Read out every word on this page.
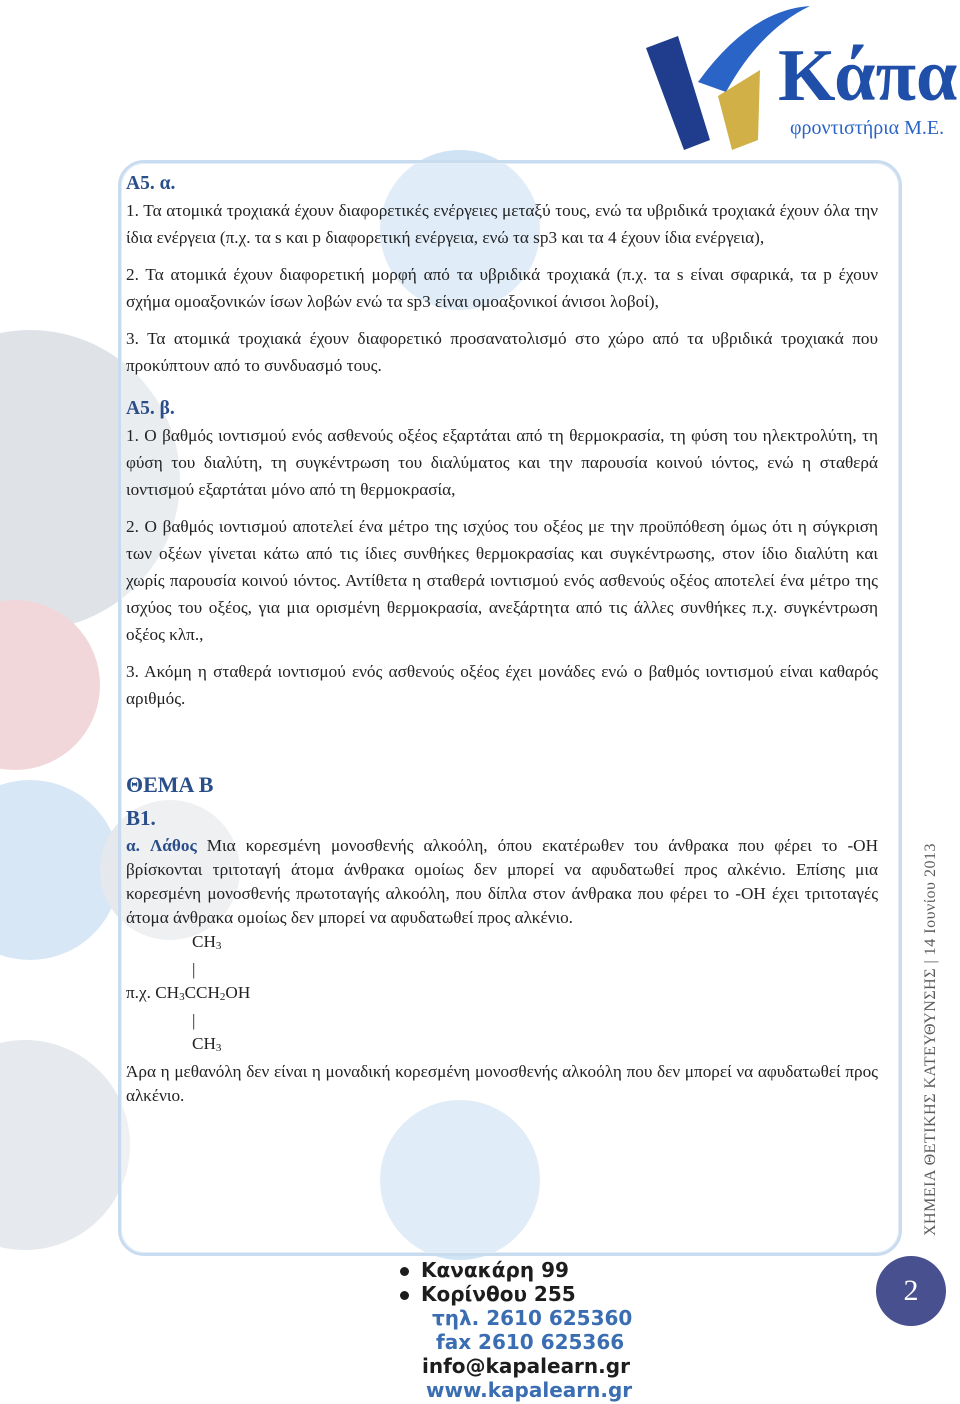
Κάπα
φροντιστήρια Μ.Ε.
Α5. α.

1. Τα ατομικά τροχιακά έχουν διαφορετικές ενέργειες μεταξύ τους, ενώ τα υβριδικά τροχιακά έχουν όλα την ίδια ενέργεια (π.χ. τα s και p διαφορετική ενέργεια, ενώ τα sp3 και τα 4 έχουν ίδια ενέργεια),

2. Τα ατομικά έχουν διαφορετική μορφή από τα υβριδικά τροχιακά (π.χ. τα s είναι σφαρικά, τα p έχουν σχήμα ομοαξονικών ίσων λοβών ενώ τα sp3 είναι ομοαξονικοί άνισοι λοβοί),

3. Τα ατομικά τροχιακά έχουν διαφορετικό προσανατολισμό στο χώρο από τα υβριδικά τροχιακά που προκύπτουν από το συνδυασμό τους.

Α5. β.

1. Ο βαθμός ιοντισμού ενός ασθενούς οξέος εξαρτάται από τη θερμοκρασία, τη φύση του ηλεκτρολύτη, τη φύση του διαλύτη, τη συγκέντρωση του διαλύματος και την παρουσία κοινού ιόντος, ενώ η σταθερά ιοντισμού εξαρτάται μόνο από τη θερμοκρασία,

2. Ο βαθμός ιοντισμού αποτελεί ένα μέτρο της ισχύος του οξέος με την προϋπόθεση όμως ότι η σύγκριση των οξέων γίνεται κάτω από τις ίδιες συνθήκες θερμοκρασίας και συγκέντρωσης, στον ίδιο διαλύτη και χωρίς παρουσία κοινού ιόντος. Αντίθετα η σταθερά ιοντισμού ενός ασθενούς οξέος αποτελεί ένα μέτρο της ισχύος του οξέος, για μια ορισμένη θερμοκρασία, ανεξάρτητα από τις άλλες συνθήκες π.χ. συγκέντρωση οξέος κλπ.,

3. Ακόμη η σταθερά ιοντισμού ενός ασθενούς οξέος έχει μονάδες ενώ ο βαθμός ιοντισμού είναι καθαρός αριθμός.

ΘΕΜΑ Β
Β1.

α. Λάθος Μια κορεσμένη μονοσθενής αλκοόλη, όπου εκατέρωθεν του άνθρακα που φέρει το -ΟΗ βρίσκονται τριτοταγή άτομα άνθρακα ομοίως δεν μπορεί να αφυδατωθεί προς αλκένιο. Επίσης μια κορεσμένη μονοσθενής πρωτοταγής αλκοόλη, που δίπλα στον άνθρακα που φέρει το -ΟΗ έχει τριτοταγές άτομα άνθρακα ομοίως δεν μπορεί να αφυδατωθεί προς αλκένιο.

$CH_3$
|
π.χ. $CH_3CCH_2OH$
|
$CH_3$

Άρα η μεθανόλη δεν είναι η μοναδική κορεσμένη μονοσθενής αλκοόλη που δεν μπορεί να αφυδατωθεί προς αλκένιο.	ΧΗΜΕΙΑ ΘΕΤΙΚΗΣ ΚΑΤΕΥΘΥΝΣΗΣ | 14 Ιουνίου 2013
2
Κανακάρη 99
Κορίνθου 255
τηλ. 2610 625360
fax 2610 625366
info@kapalearn.gr
www.kapalearn.gr
